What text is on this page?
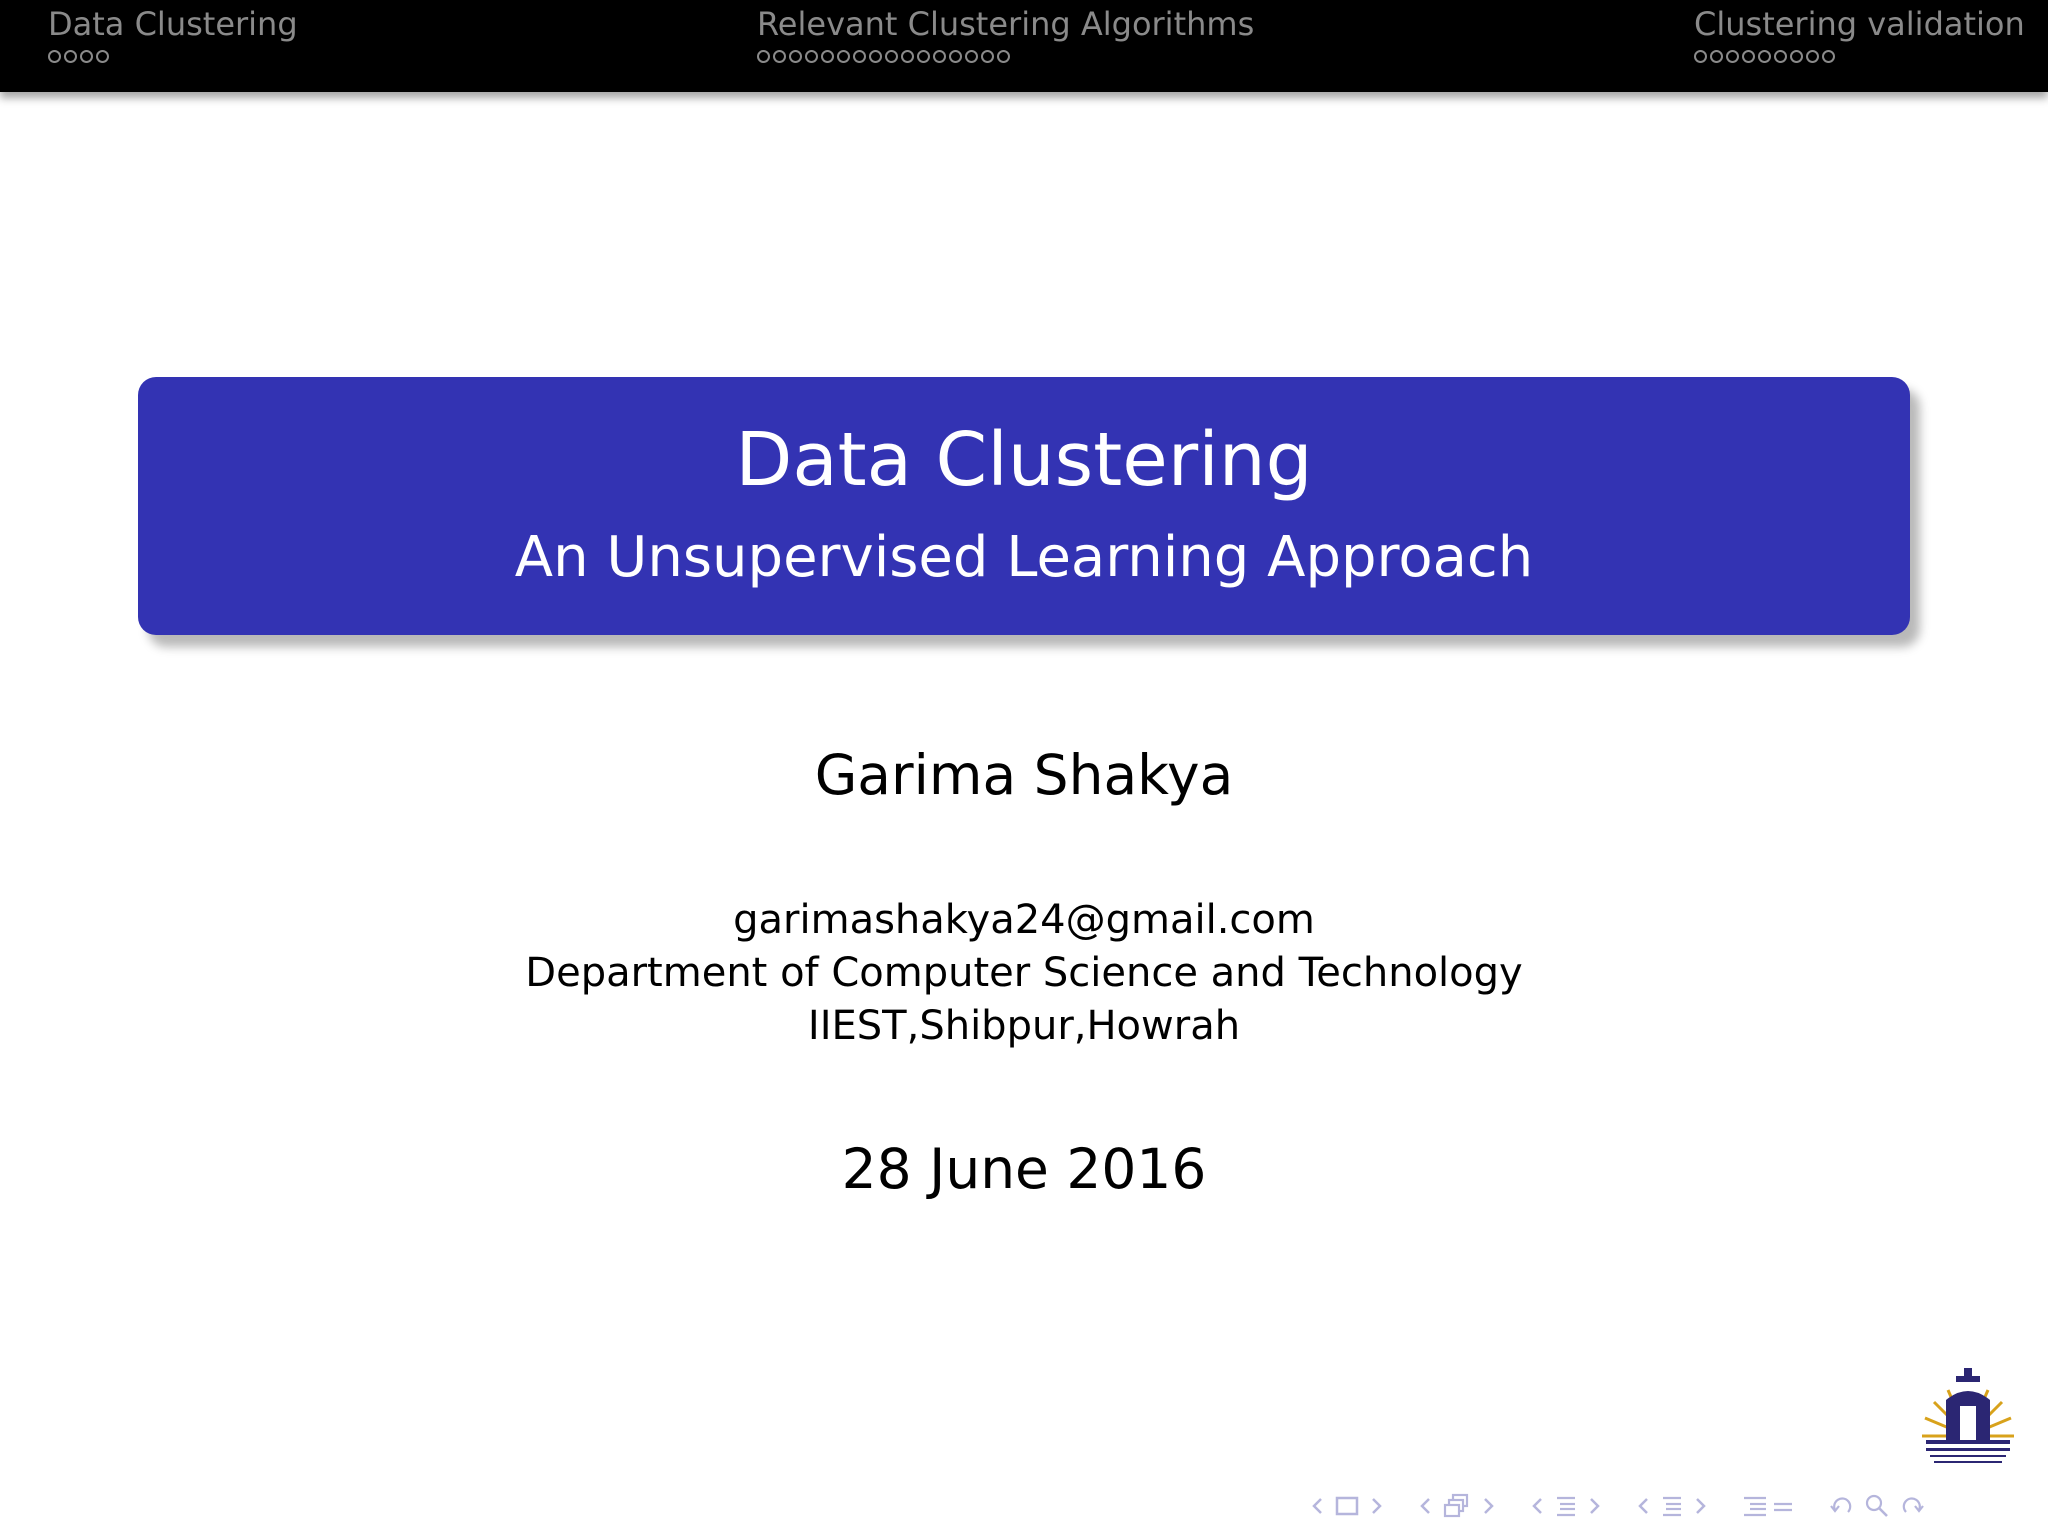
Data Clustering	Relevant Clustering Algorithms	Clustering validation
Data Clustering
An Unsupervised Learning Approach
Garima Shakya
garimashakya24@gmail.com
Department of Computer Science and Technology
IIEST,Shibpur,Howrah
28 June 2016
